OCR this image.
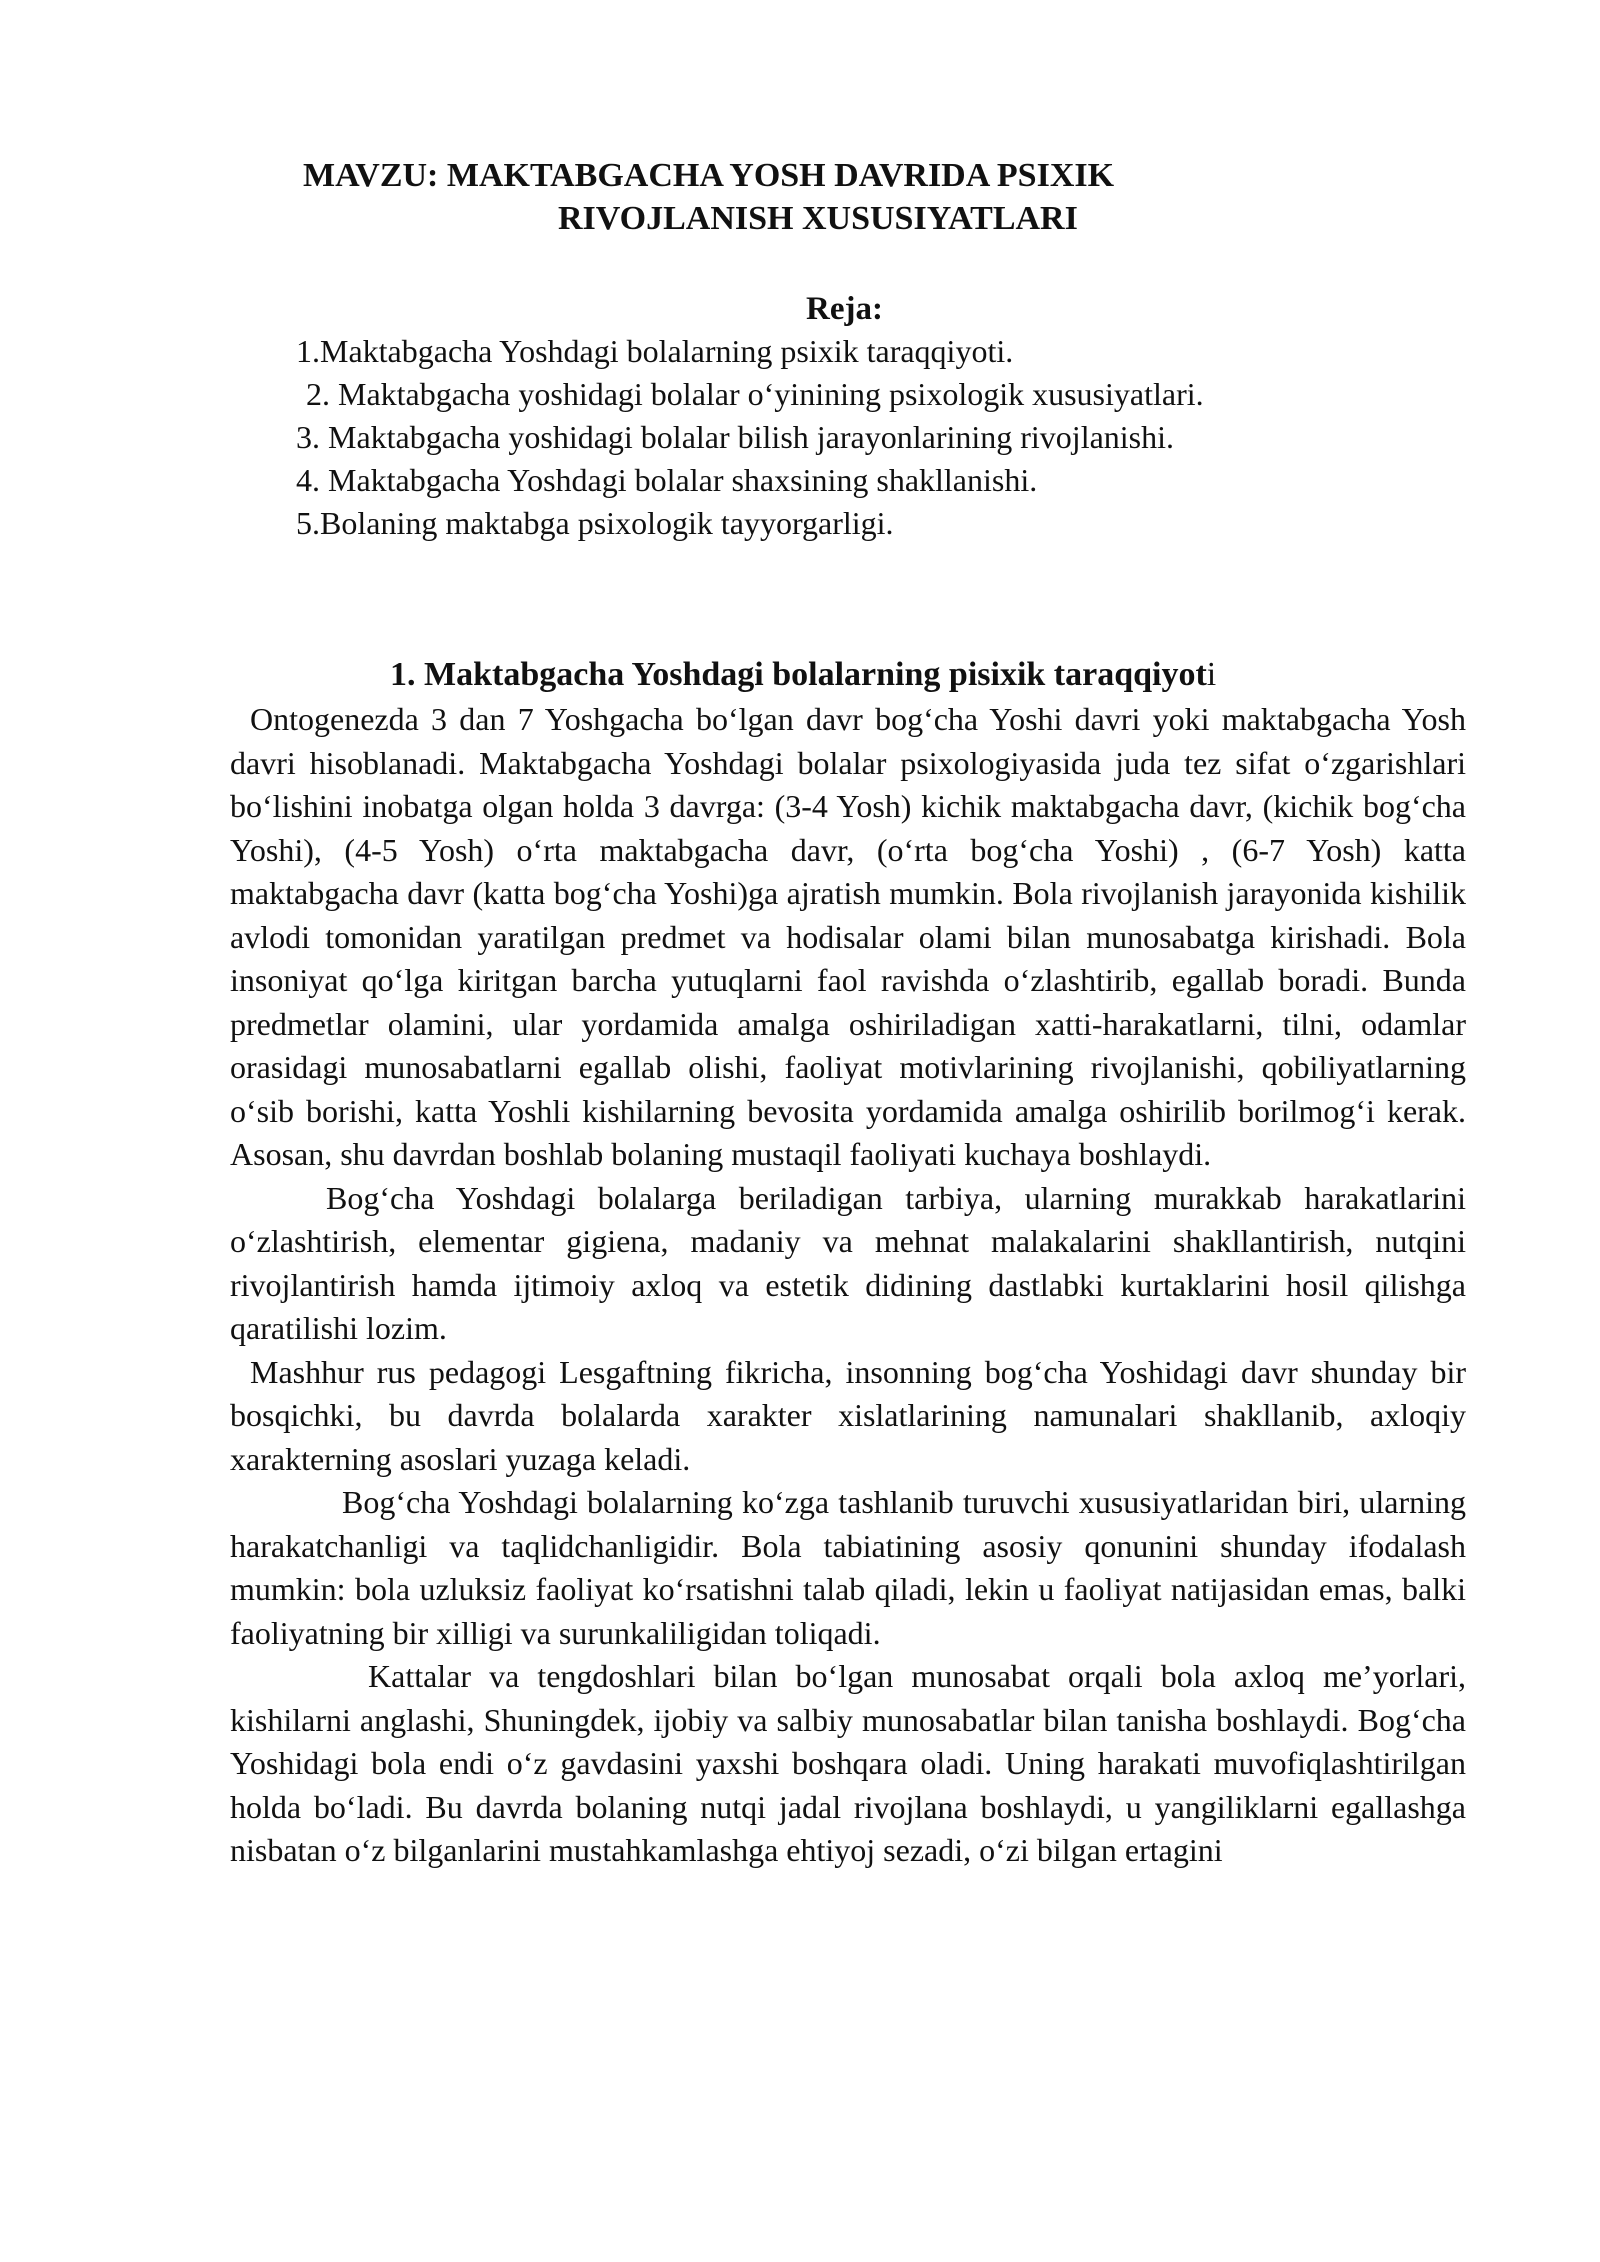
MAVZU: MAKTABGACHA YOSH DAVRIDA PSIXIK
RIVOJLANISH XUSUSIYATLARI
Reja:
1.Maktabgacha Yoshdagi bolalarning psixik taraqqiyoti.
2. Maktabgacha yoshidagi bolalar o‘yinining psixologik xususiyatlari.
3. Maktabgacha yoshidagi bolalar bilish jarayonlarining rivojlanishi.
4. Maktabgacha Yoshdagi bolalar shaxsining shakllanishi.
5.Bolaning maktabga psixologik tayyorgarligi.
1. Maktabgacha Yoshdagi bolalarning pisixik taraqqiyoti

Ontogenezda 3 dan 7 Yoshgacha bo‘lgan davr bog‘cha Yoshi davri yoki maktabgacha Yosh davri hisoblanadi. Maktabgacha Yoshdagi bolalar psixologiyasida juda tez sifat o‘zgarishlari bo‘lishini inobatga olgan holda 3 davrga: (3-4 Yosh) kichik maktabgacha davr, (kichik bog‘cha Yoshi), (4-5 Yosh) o‘rta maktabgacha davr, (o‘rta bog‘cha Yoshi) , (6-7 Yosh) katta maktabgacha davr (katta bog‘cha Yoshi)ga ajratish mumkin. Bola rivojlanish jarayonida kishilik avlodi tomonidan yaratilgan predmet va hodisalar olami bilan munosabatga kirishadi. Bola insoniyat qo‘lga kiritgan barcha yutuqlarni faol ravishda o‘zlashtirib, egallab boradi. Bunda predmetlar olamini, ular yordamida amalga oshiriladigan xatti-harakatlarni, tilni, odamlar orasidagi munosabatlarni egallab olishi, faoliyat motivlarining rivojlanishi, qobiliyatlarning o‘sib borishi, katta Yoshli kishilarning bevosita yordamida amalga oshirilib borilmog‘i kerak. Asosan, shu davrdan boshlab bolaning mustaqil faoliyati kuchaya boshlaydi.

Bog‘cha Yoshdagi bolalarga beriladigan tarbiya, ularning murakkab harakatlarini o‘zlashtirish, elementar gigiena, madaniy va mehnat malakalarini shakllantirish, nutqini rivojlantirish hamda ijtimoiy axloq va estetik didining dastlabki kurtaklarini hosil qilishga qaratilishi lozim.

Mashhur rus pedagogi Lesgaftning fikricha, insonning bog‘cha Yoshidagi davr shunday bir bosqichki, bu davrda bolalarda xarakter xislatlarining namunalari shakllanib, axloqiy xarakterning asoslari yuzaga keladi.

Bog‘cha Yoshdagi bolalarning ko‘zga tashlanib turuvchi xususiyatlaridan biri, ularning harakatchanligi va taqlidchanligidir. Bola tabiatining asosiy qonunini shunday ifodalash mumkin: bola uzluksiz faoliyat ko‘rsatishni talab qiladi, lekin u faoliyat natijasidan emas, balki faoliyatning bir xilligi va surunkaliligidan toliqadi.

Kattalar va tengdoshlari bilan bo‘lgan munosabat orqali bola axloq me’yorlari, kishilarni anglashi, Shuningdek, ijobiy va salbiy munosabatlar bilan tanisha boshlaydi. Bog‘cha Yoshidagi bola endi o‘z gavdasini yaxshi boshqara oladi. Uning harakati muvofiqlashtirilgan holda bo‘ladi. Bu davrda bolaning nutqi jadal rivojlana boshlaydi, u yangiliklarni egallashga nisbatan o‘z bilganlarini mustahkamlashga ehtiyoj sezadi, o‘zi bilgan ertagini
